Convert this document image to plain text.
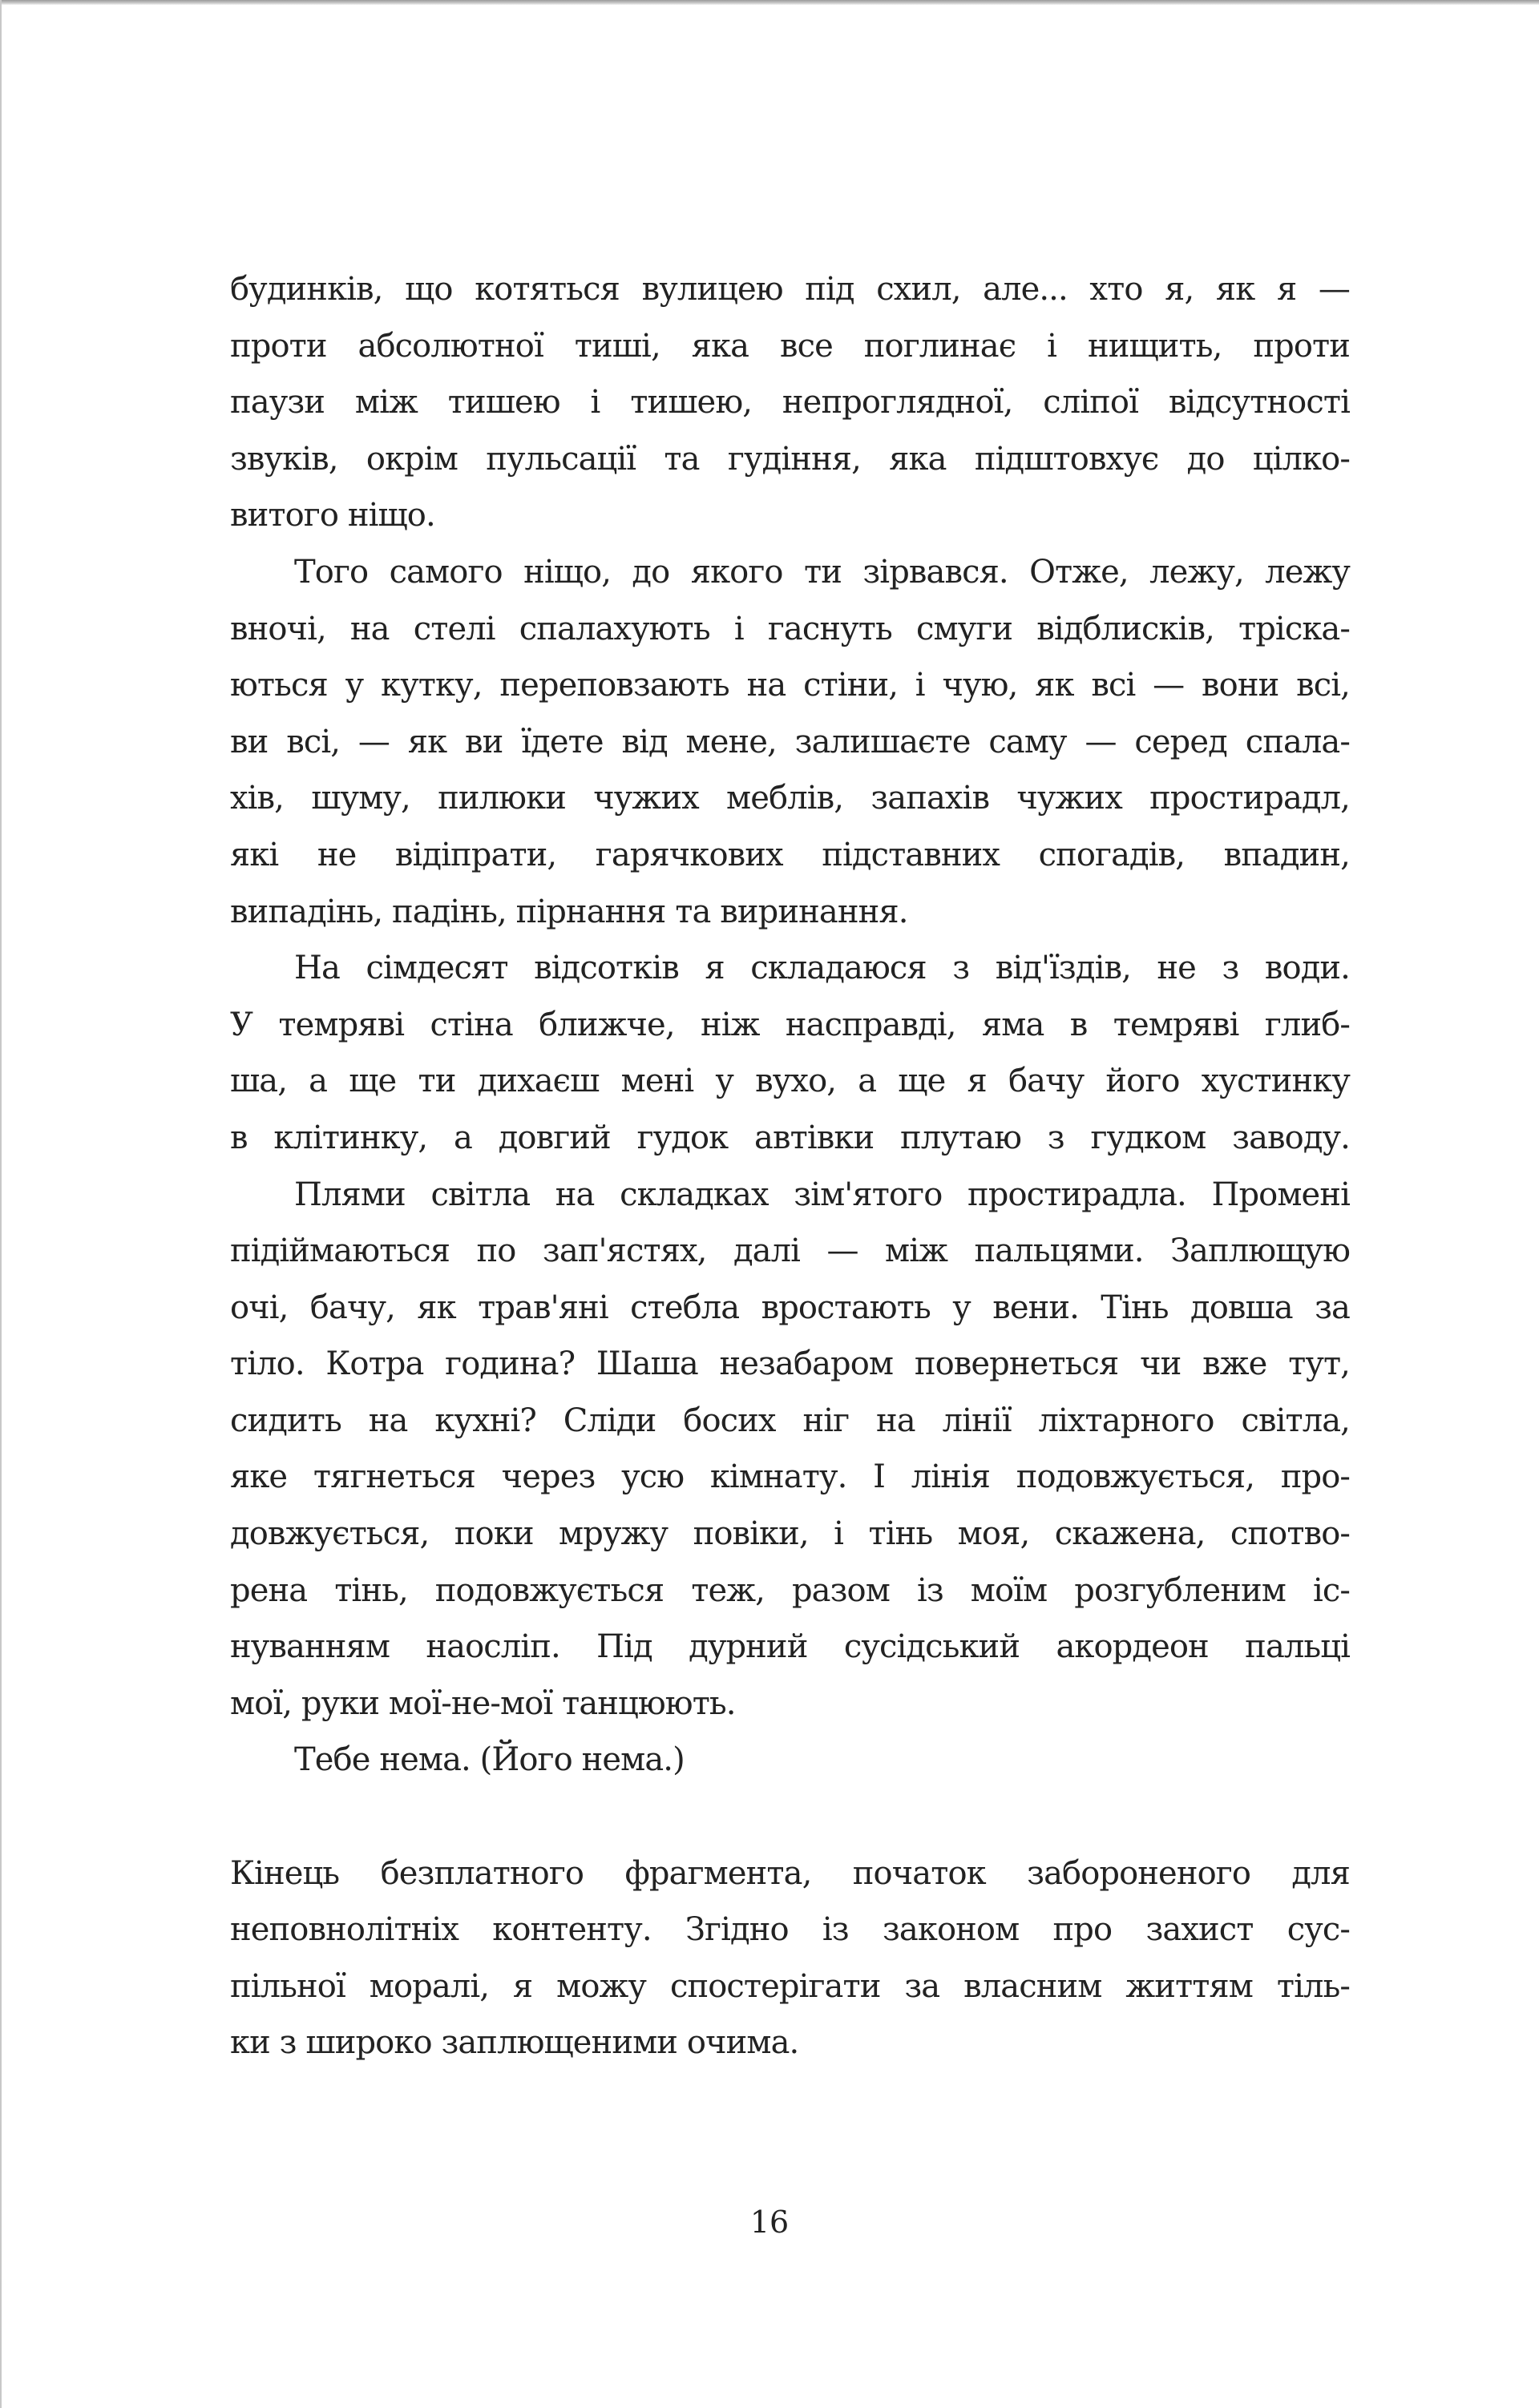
будинків, що котяться вулицею під схил, але... хто я, як я —
проти абсолютної тиші, яка все поглинає і нищить, проти
паузи між тишею і тишею, непроглядної, сліпої відсутності
звуків, окрім пульсації та гудіння, яка підштовхує до цілко-
витого ніщо.
Того самого ніщо, до якого ти зірвався. Отже, лежу, лежу
вночі, на стелі спалахують і гаснуть смуги відблисків, тріска-
ються у кутку, переповзають на стіни, і чую, як всі — вони всі,
ви всі, — як ви їдете від мене, залишаєте саму — серед спала-
хів, шуму, пилюки чужих меблів, запахів чужих простирадл,
які не відіпрати, гарячкових підставних спогадів, впадин,
випадінь, падінь, пірнання та виринання.
На сімдесят відсотків я складаюся з від'їздів, не з води.
У темряві стіна ближче, ніж насправді, яма в темряві глиб-
ша, а ще ти дихаєш мені у вухо, а ще я бачу його хустинку
в клітинку, а довгий гудок автівки плутаю з гудком заводу.
Плями світла на складках зім'ятого простирадла. Промені
підіймаються по зап'ястях, далі — між пальцями. Заплющую
очі, бачу, як трав'яні стебла вростають у вени. Тінь довша за
тіло. Котра година? Шаша незабаром повернеться чи вже тут,
сидить на кухні? Сліди босих ніг на лінії ліхтарного світла,
яке тягнеться через усю кімнату. І лінія подовжується, про-
довжується, поки мружу повіки, і тінь моя, скажена, спотво-
рена тінь, подовжується теж, разом із моїм розгубленим іс-
нуванням наосліп. Під дурний сусідський акордеон пальці
мої, руки мої-не-мої танцюють.
Тебе нема. (Його нема.)
Кінець безплатного фрагмента, початок забороненого для
неповнолітніх контенту. Згідно із законом про захист сус-
пільної моралі, я можу спостерігати за власним життям тіль-
ки з широко заплющеними очима.
16
